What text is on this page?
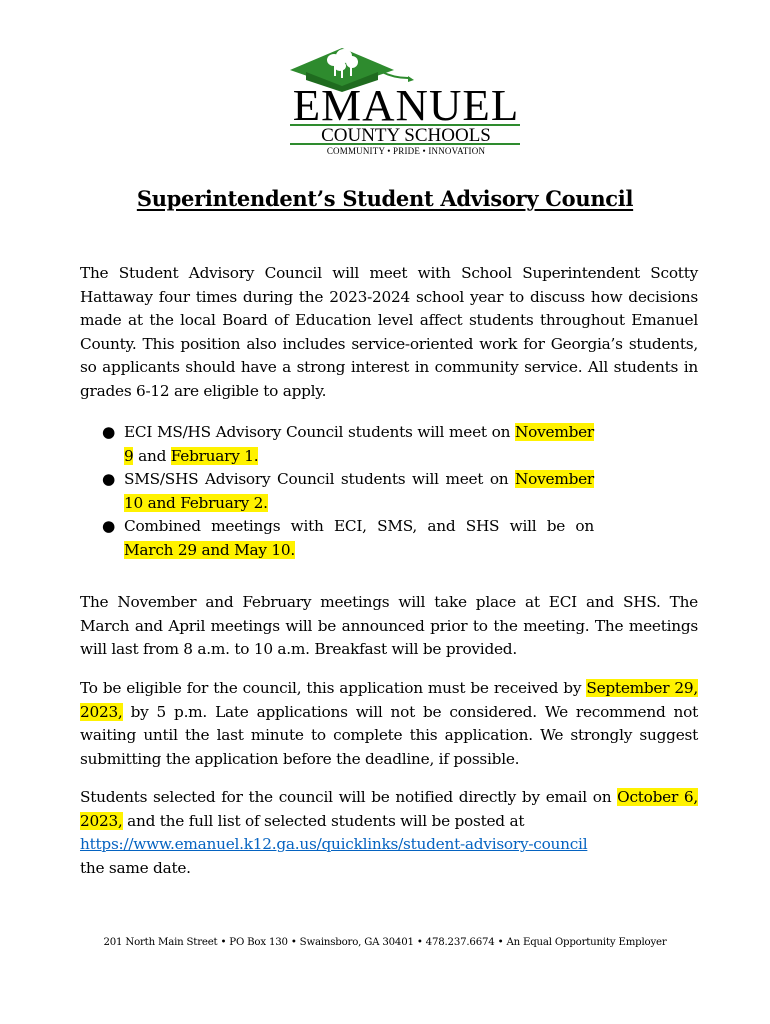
EMANUEL
COUNTY SCHOOLS
COMMUNITY • PRIDE • INNOVATION
Superintendent’s Student Advisory Council

The Student Advisory Council will meet with School Superintendent Scotty Hattaway four times during the 2023-2024 school year to discuss how decisions made at the local Board of Education level affect students throughout Emanuel County. This position also includes service-oriented work for Georgia’s students, so applicants should have a strong interest in community service. All students in grades 6-12 are eligible to apply.

● ECI MS/HS Advisory Council students will meet on November 9 and February 1.
● SMS/SHS Advisory Council students will meet on November 10 and February 2.
● Combined meetings with ECI, SMS, and SHS will be on March 29 and May 10.

The November and February meetings will take place at ECI and SHS. The March and April meetings will be announced prior to the meeting. The meetings will last from 8 a.m. to 10 a.m. Breakfast will be provided.

To be eligible for the council, this application must be received by September 29, 2023, by 5 p.m. Late applications will not be considered. We recommend not waiting until the last minute to complete this application. We strongly suggest submitting the application before the deadline, if possible.

Students selected for the council will be notified directly by email on October 6, 2023, and the full list of selected students will be posted at
https://www.emanuel.k12.ga.us/quicklinks/student-advisory-council
the same date.

201 North Main Street • PO Box 130 • Swainsboro, GA 30401 • 478.237.6674 • An Equal Opportunity Employer
